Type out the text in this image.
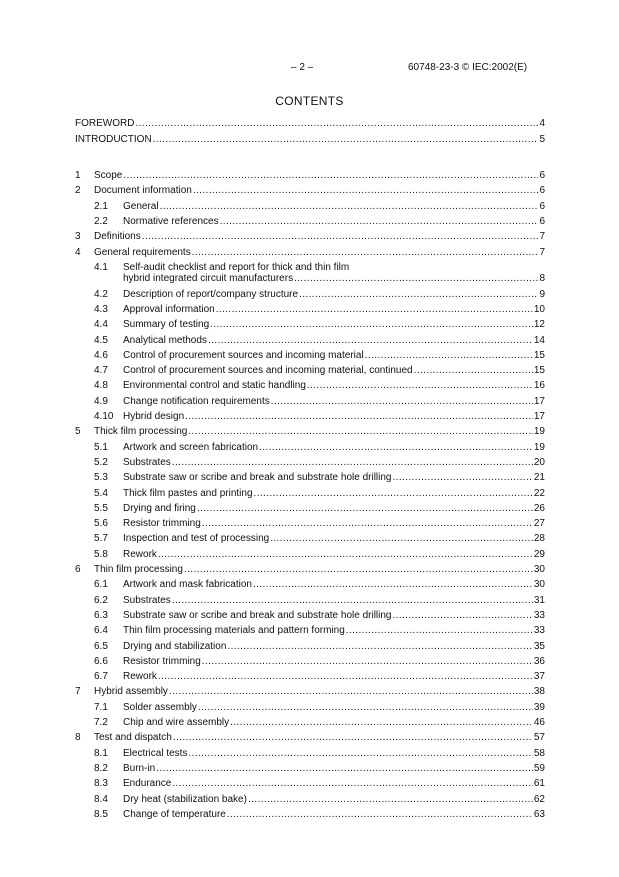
– 2 –	60748-23-3 © IEC:2002(E)
CONTENTS
FOREWORD .....	4
INTRODUCTION .....	5
1 Scope .....	6
2 Document information .....	6
2.1 General .....	6
2.2 Normative references .....	6
3 Definitions .....	7
4 General requirements .....	7
4.1	Self-audit checklist and report for thick and thin film
hybrid integrated circuit manufacturers .....	8
4.2 Description of report/company structure .....	9
4.3 Approval information .....	10
4.4 Summary of testing .....	12
4.5 Analytical methods .....	14
4.6 Control of procurement sources and incoming material .....	15
4.7 Control of procurement sources and incoming material, continued .....	15
4.8 Environmental control and static handling .....	16
4.9 Change notification requirements .....	17
4.10 Hybrid design .....	17
5 Thick film processing .....	19
5.1 Artwork and screen fabrication .....	19
5.2 Substrates .....	20
5.3 Substrate saw or scribe and break and substrate hole drilling .....	21
5.4 Thick film pastes and printing .....	22
5.5 Drying and firing .....	26
5.6 Resistor trimming .....	27
5.7 Inspection and test of processing .....	28
5.8 Rework .....	29
6 Thin film processing .....	30
6.1 Artwork and mask fabrication .....	30
6.2 Substrates .....	31
6.3 Substrate saw or scribe and break and substrate hole drilling .....	33
6.4 Thin film processing materials and pattern forming .....	33
6.5 Drying and stabilization .....	35
6.6 Resistor trimming .....	36
6.7 Rework .....	37
7 Hybrid assembly .....	38
7.1 Solder assembly .....	39
7.2 Chip and wire assembly .....	46
8 Test and dispatch .....	57
8.1 Electrical tests .....	58
8.2 Burn-in .....	59
8.3 Endurance .....	61
8.4 Dry heat (stabilization bake) .....	62
8.5 Change of temperature .....	63
